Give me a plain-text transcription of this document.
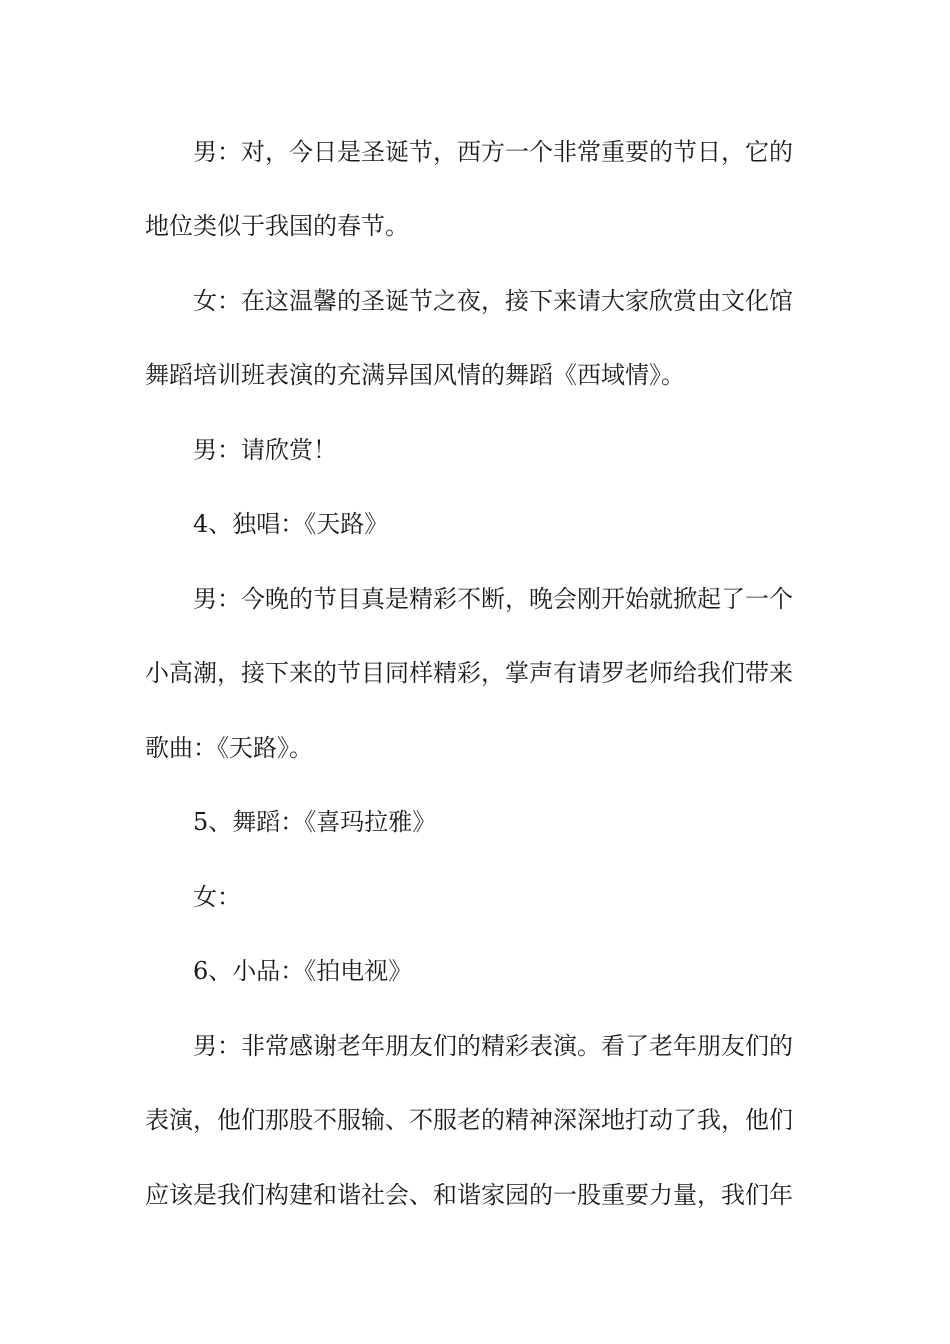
男：对，今日是圣诞节，西方一个非常重要的节日，它的
地位类似于我国的春节。
女：在这温馨的圣诞节之夜，接下来请大家欣赏由文化馆
舞蹈培训班表演的充满异国风情的舞蹈《西域情》。
男：请欣赏！
4、独唱：《天路》
男：今晚的节目真是精彩不断，晚会刚开始就掀起了一个
小高潮，接下来的节目同样精彩，掌声有请罗老师给我们带来
歌曲：《天路》。
5、舞蹈：《喜玛拉雅》
女：
6、小品：《拍电视》
男：非常感谢老年朋友们的精彩表演。看了老年朋友们的
表演，他们那股不服输、不服老的精神深深地打动了我，他们
应该是我们构建和谐社会、和谐家园的一股重要力量，我们年
